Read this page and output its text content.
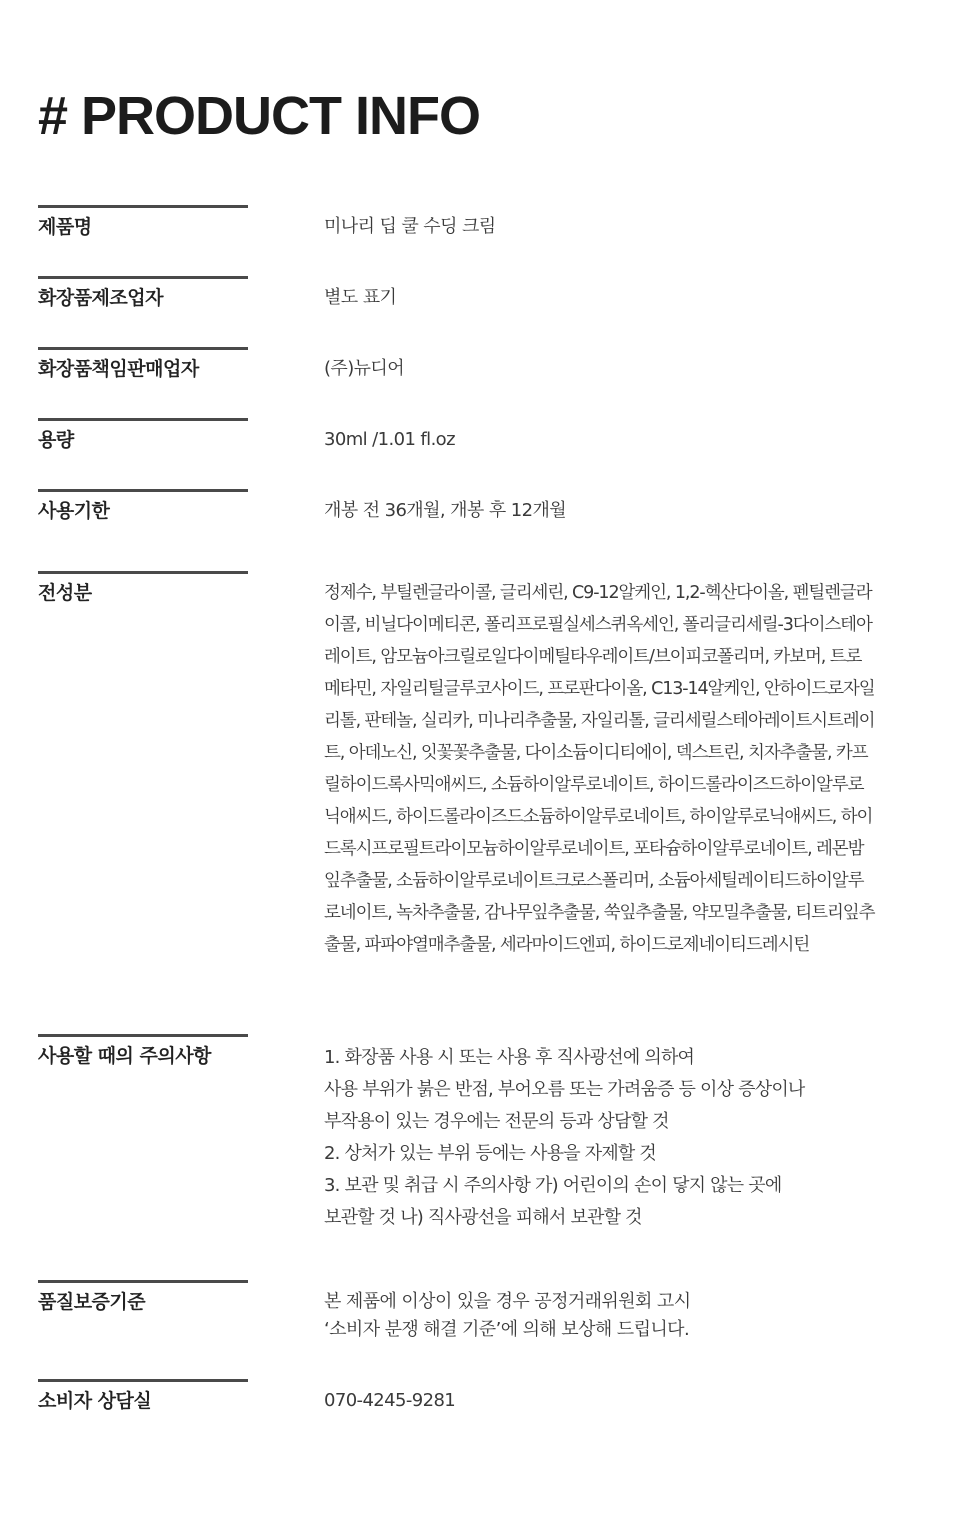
# PRODUCT INFO
제품명	미나리 딥 쿨 수딩 크림
화장품제조업자	별도 표기
화장품책임판매업자	(주)뉴디어
용량	30ml /1.01 fl.oz
사용기한	개봉 전 36개월, 개봉 후 12개월
전성분	정제수, 부틸렌글라이콜, 글리세린, C9-12알케인, 1,2-헥산다이올, 펜틸렌글라
이콜, 비닐다이메티콘, 폴리프로필실세스퀴옥세인, 폴리글리세릴-3다이스테아
레이트, 암모늄아크릴로일다이메틸타우레이트/브이피코폴리머, 카보머, 트로
메타민, 자일리틸글루코사이드, 프로판다이올, C13-14알케인, 안하이드로자일
리톨, 판테놀, 실리카, 미나리추출물, 자일리톨, 글리세릴스테아레이트시트레이
트, 아데노신, 잇꽃꽃추출물, 다이소듐이디티에이, 덱스트린, 치자추출물, 카프
릴하이드록사믹애씨드, 소듐하이알루로네이트, 하이드롤라이즈드하이알루로
닉애씨드, 하이드롤라이즈드소듐하이알루로네이트, 하이알루로닉애씨드, 하이
드록시프로필트라이모늄하이알루로네이트, 포타슘하이알루로네이트, 레몬밤
잎추출물, 소듐하이알루로네이트크로스폴리머, 소듐아세틸레이티드하이알루
로네이트, 녹차추출물, 감나무잎추출물, 쑥잎추출물, 약모밀추출물, 티트리잎추
출물, 파파야열매추출물, 세라마이드엔피, 하이드로제네이티드레시틴
사용할 때의 주의사항	1. 화장품 사용 시 또는 사용 후 직사광선에 의하여
사용 부위가 붉은 반점, 부어오름 또는 가려움증 등 이상 증상이나
부작용이 있는 경우에는 전문의 등과 상담할 것
2. 상처가 있는 부위 등에는 사용을 자제할 것
3. 보관 및 취급 시 주의사항 가) 어린이의 손이 닿지 않는 곳에
보관할 것 나) 직사광선을 피해서 보관할 것
품질보증기준	본 제품에 이상이 있을 경우 공정거래위원회 고시
‘소비자 분쟁 해결 기준’에 의해 보상해 드립니다.
소비자 상담실	070-4245-9281
